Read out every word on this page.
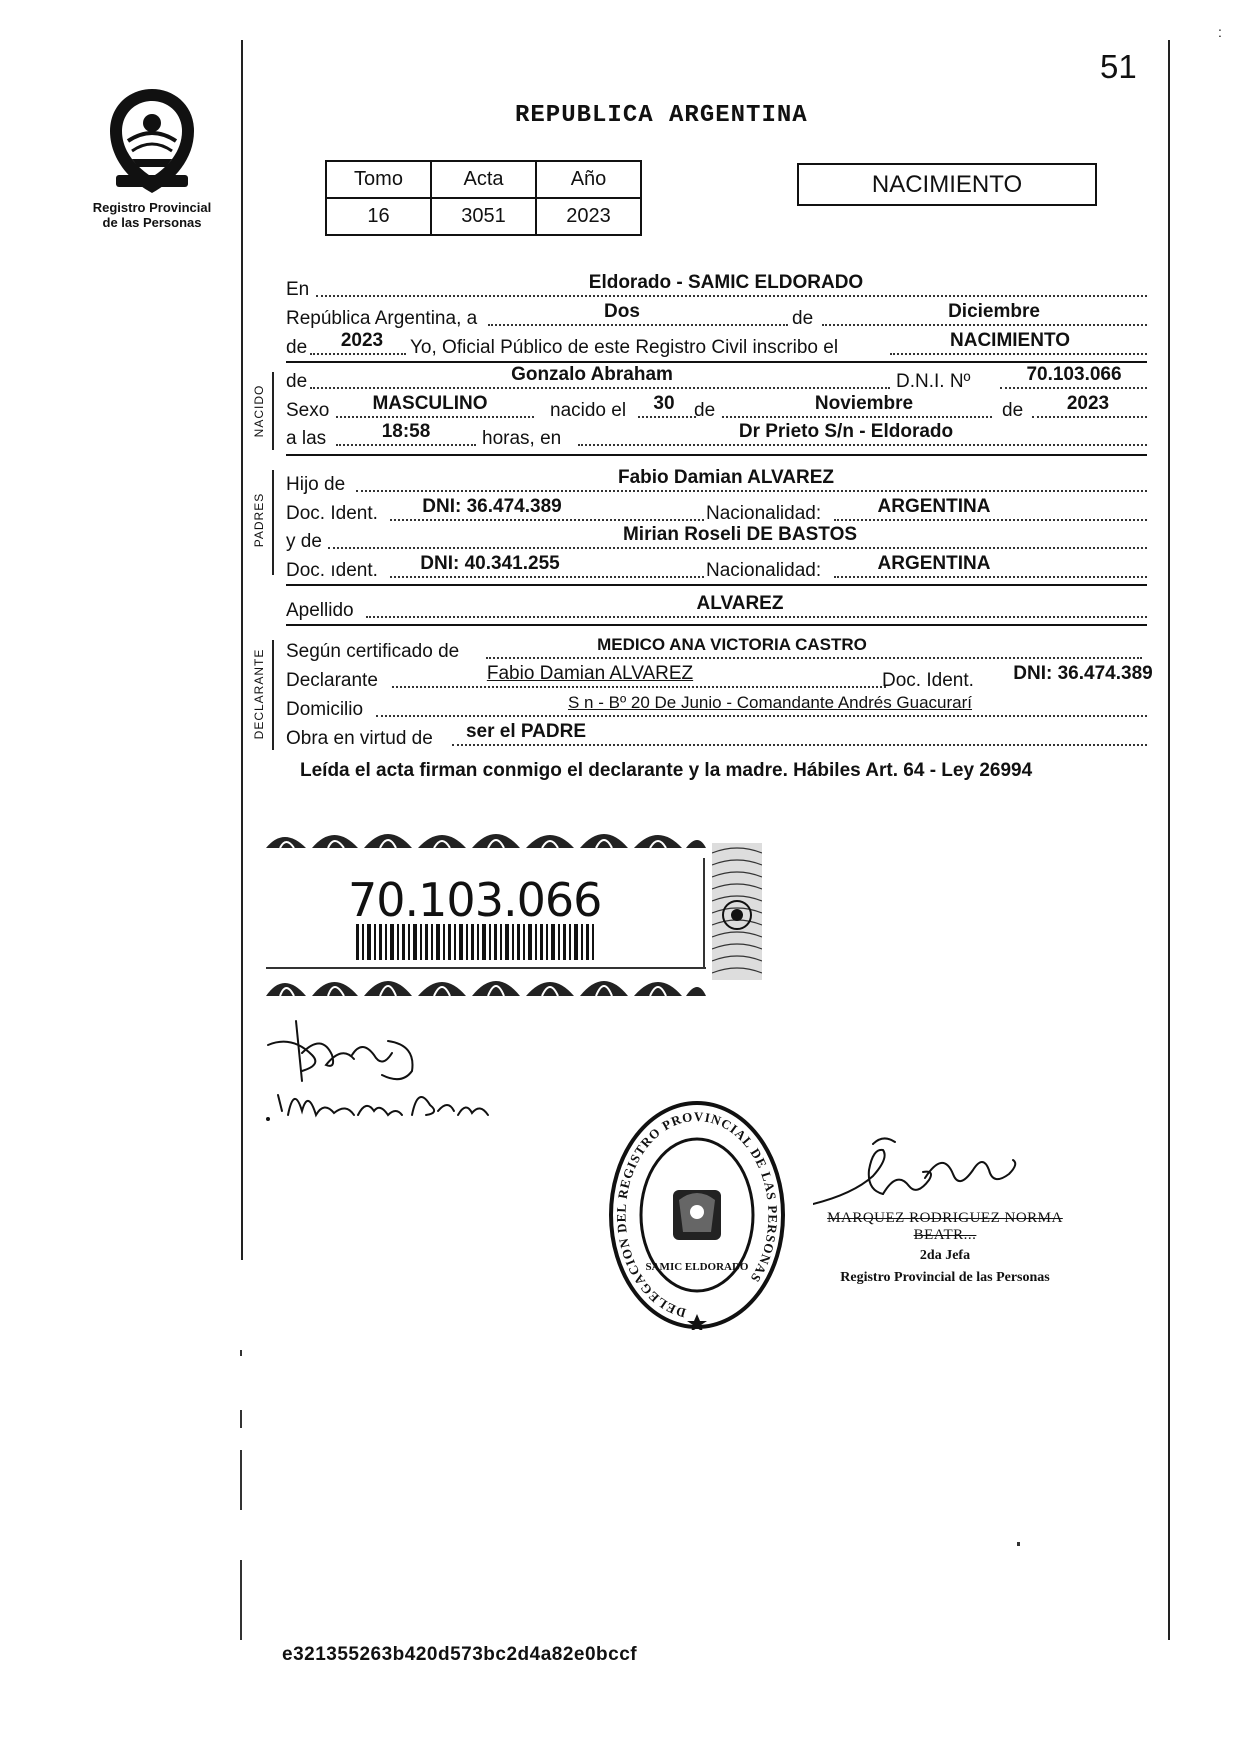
51
:
Registro Provincial
de las Personas
REPUBLICA ARGENTINA
Tomo	Acta	Año
16	3051	2023
NACIMIENTO
En	Eldorado - SAMIC ELDORADO
República Argentina, a	Dos	de	Diciembre
de 2023 Yo, Oficial Público de este Registro Civil inscribo el	NACIMIENTO
de	Gonzalo Abraham	D.N.I. Nº	70.103.066
Sexo MASCULINO	nacido el 30 de	Noviembre	de 2023
a las	18:58	horas, en	Dr Prieto S/n - Eldorado
Hijo de	Fabio Damian ALVAREZ
Doc. Ident. DNI: 36.474.389	Nacionalidad:	ARGENTINA
y de	Mirian Roseli DE BASTOS
Doc. ıdent. DNI: 40.341.255	Nacionalidad:	ARGENTINA
Apellido	ALVAREZ
Según certificado de	MEDICO ANA VICTORIA CASTRO
Declarante	Fabio Damian ALVAREZ	Doc. Ident. DNI: 36.474.389
Domicilio	S n - Bº 20 De Junio - Comandante Andrés Guacurarí
Obra en virtud de ser el PADRE
NACIDO
PADRES
DECLARANTE
Leída el acta firman conmigo el declarante y la madre. Hábiles Art. 64 - Ley 26994
70.103.066
DELEGACION DEL REGISTRO PROVINCIAL DE LAS PERSONAS
SAMIC ELDORADO
MARQUEZ RODRIGUEZ NORMA BEATR...
2da Jefa
Registro Provincial de las Personas
e321355263b420d573bc2d4a82e0bccf
